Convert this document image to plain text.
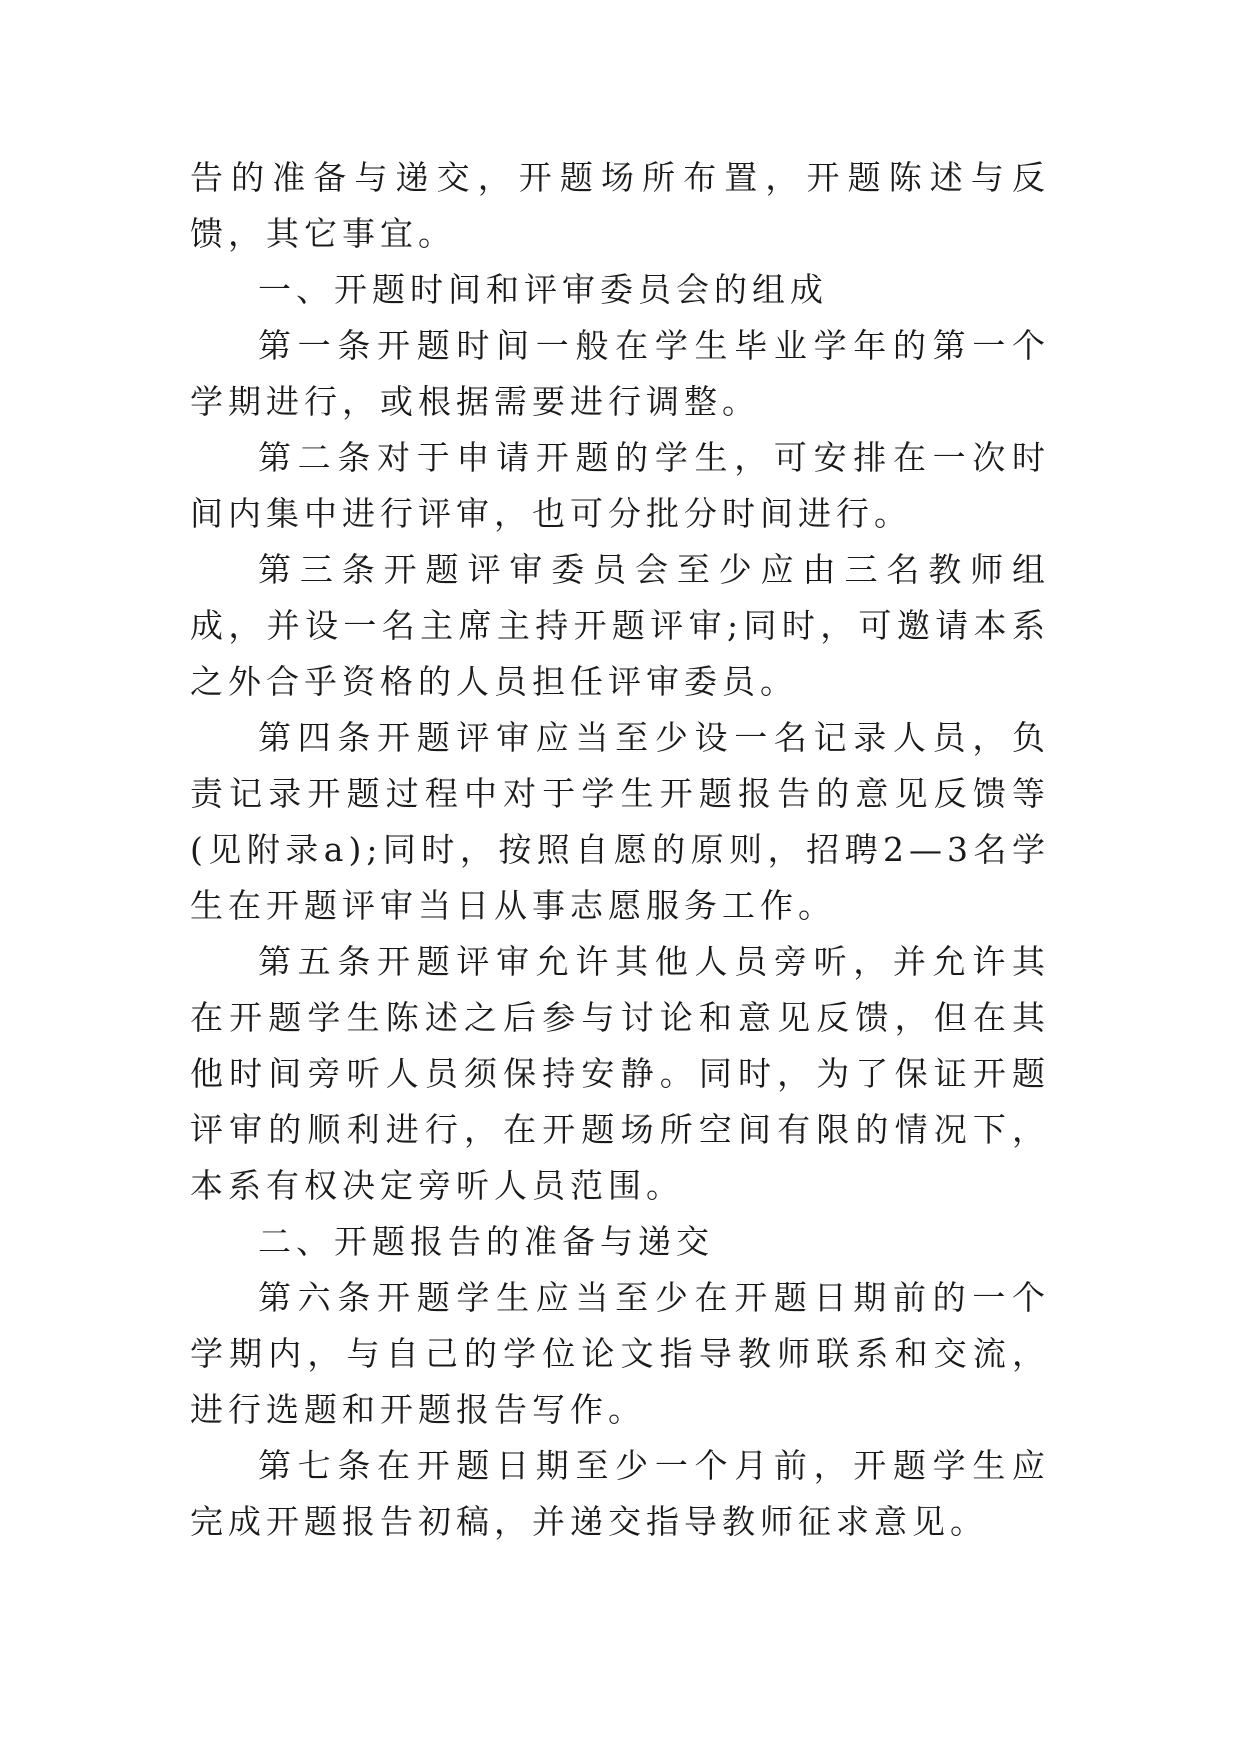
告的准备与递交，开题场所布置，开题陈述与反馈，其它事宜。

一、开题时间和评审委员会的组成

第一条开题时间一般在学生毕业学年的第一个学期进行，或根据需要进行调整。

第二条对于申请开题的学生，可安排在一次时间内集中进行评审，也可分批分时间进行。

第三条开题评审委员会至少应由三名教师组成，并设一名主席主持开题评审;同时，可邀请本系之外合乎资格的人员担任评审委员。

第四条开题评审应当至少设一名记录人员，负责记录开题过程中对于学生开题报告的意见反馈等(见附录a);同时，按照自愿的原则，招聘2—3名学生在开题评审当日从事志愿服务工作。

第五条开题评审允许其他人员旁听，并允许其在开题学生陈述之后参与讨论和意见反馈，但在其他时间旁听人员须保持安静。同时，为了保证开题评审的顺利进行，在开题场所空间有限的情况下，本系有权决定旁听人员范围。

二、开题报告的准备与递交

第六条开题学生应当至少在开题日期前的一个学期内，与自己的学位论文指导教师联系和交流，进行选题和开题报告写作。

第七条在开题日期至少一个月前，开题学生应完成开题报告初稿，并递交指导教师征求意见。
